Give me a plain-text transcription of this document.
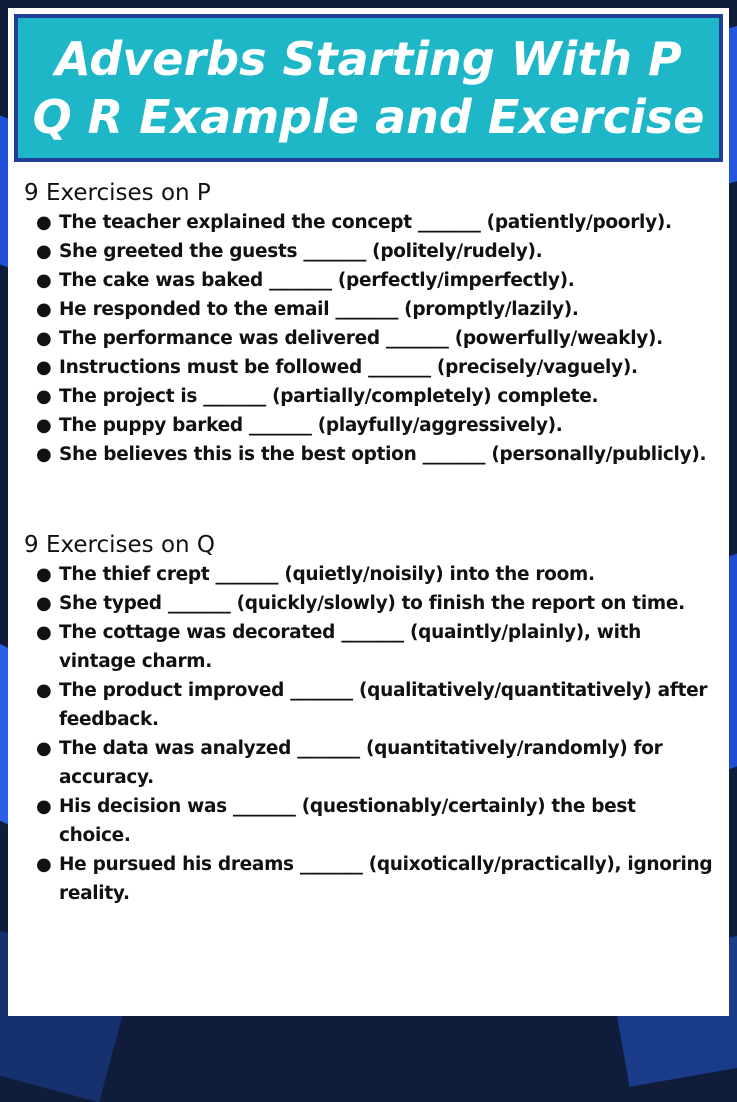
Adverbs Starting With P Q R Example and Exercise
9 Exercises on P
● The teacher explained the concept _______ (patiently/poorly).
● She greeted the guests _______ (politely/rudely).
● The cake was baked _______ (perfectly/imperfectly).
● He responded to the email _______ (promptly/lazily).
● The performance was delivered _______ (powerfully/weakly).
● Instructions must be followed _______ (precisely/vaguely).
● The project is _______ (partially/completely) complete.
● The puppy barked _______ (playfully/aggressively).
● She believes this is the best option _______ (personally/publicly).
9 Exercises on Q
● The thief crept _______ (quietly/noisily) into the room.
● She typed _______ (quickly/slowly) to finish the report on time.
● The cottage was decorated _______ (quaintly/plainly), with vintage charm.
● The product improved _______ (qualitatively/quantitatively) after feedback.
● The data was analyzed _______ (quantitatively/randomly) for accuracy.
● His decision was _______ (questionably/certainly) the best choice.
● He pursued his dreams _______ (quixotically/practically), ignoring reality.
